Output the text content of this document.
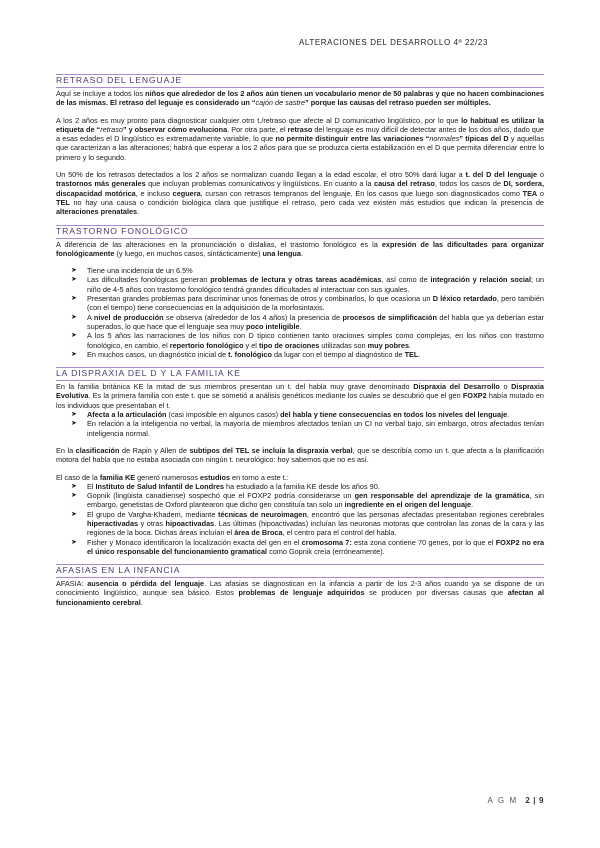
ALTERACIONES DEL DESARROLLO 4º 22/23
RETRASO DEL LENGUAJE

Aquí se incluye a todos los niños que alrededor de los 2 años aún tienen un vocabulario menor de 50 palabras y que no hacen combinaciones de las mismas. El retraso del leguaje es considerado un “cajón de sastre” porque las causas del retraso pueden ser múltiples.

A los 2 años es muy pronto para diagnosticar cualquier otro t./retraso que afecte al D comunicativo lingüístico, por lo que lo habitual es utilizar la etiqueta de “retraso” y observar cómo evoluciona. Por otra parte, el retraso del lenguaje es muy difícil de detectar antes de los dos años, dado que a esas edades el D lingüístico es extremadamente variable, lo que no permite distinguir entre las variaciones “normales” típicas del D y aquellas que caracterizan a las alteraciones; habrá que esperar a los 2 años para que se produzca cierta estabilización en el D que permita diferenciar entre lo primero y lo segundo.

Un 50% de los retrasos detectados a los 2 años se normalizan cuando llegan a la edad escolar, el otro 50% dará lugar a t. del D del lenguaje o trastornos más generales que incluyan problemas comunicativos y lingüísticos. En cuanto a la causa del retraso, todos los casos de DI, sordera, discapacidad motórica, e incluso ceguera, cursan con retrasos tempranos del lenguaje. En los casos que luego son diagnosticados como TEA o TEL no hay una causa o condición biológica clara que justifique el retraso, pero cada vez existen más estudios que indican la presencia de alteraciones prenatales.

TRASTORNO FONOLÓGICO

A diferencia de las alteraciones en la pronunciación o dislalias, el trastorno fonológico es la expresión de las dificultades para organizar fonológicamente (y luego, en muchos casos, sintácticamente) una lengua.

➤ Tiene una incidencia de un 6.5%
➤ Las dificultades fonológicas generan problemas de lectura y otras tareas académicas, así como de integración y relación social; un niño de 4-5 años con trastorno fonológico tendrá grandes dificultades al interactuar con sus iguales.
➤ Presentan grandes problemas para discriminar unos fonemas de otros y combinarlos, lo que ocasiona un D léxico retardado, pero también (con el tiempo) tiene consecuencias en la adquisición de la morfosintaxis.
➤ A nivel de producción se observa (alrededor de los 4 años) la presencia de procesos de simplificación del habla que ya deberían estar superados, lo que hace que el lenguaje sea muy poco inteligible.
➤ A los 5 años las narraciones de los niños con D típico contienen tanto oraciones simples como complejas, en los niños con trastorno fonológico, en cambio, el repertorio fonológico y el tipo de oraciones utilizadas son muy pobres.
➤ En muchos casos, un diagnóstico inicial de t. fonológico da lugar con el tiempo al diagnóstico de TEL.
LA DISPRAXIA DEL D Y LA FAMILIA KE

En la familia británica KE la mitad de sus miembros presentan un t. del habla muy grave denominado Dispraxia del Desarrollo o Dispraxia Evolutiva. Es la primera familia con este t. que se sometió a análisis genéticos mediante los cuales se descubrió que el gen FOXP2 había mutado en los individuos que presentaban el t.

➤ Afecta a la articulación (casi imposible en algunos casos) del habla y tiene consecuencias en todos los niveles del lenguaje.
➤ En relación a la inteligencia no verbal, la mayoría de miembros afectados tenían un CI no verbal bajo, sin embargo, otros afectados tenían inteligencia normal.

En la clasificación de Rapin y Allen de subtipos del TEL se incluía la dispraxia verbal, que se describía como un t. que afecta a la planificación motora del habla que no estaba asociada con ningún t. neurológico: hoy sabemos que no es así.

El caso de la familia KE generó numerosos estudios en torno a este t.:

➤ El Instituto de Salud Infantil de Londres ha estudiado a la familia KE desde los años 90.
➤ Gopnik (lingüista canadiense) sospechó que el FOXP2 podría considerarse un gen responsable del aprendizaje de la gramática, sin embargo, genetistas de Oxford plantearon que dicho gen constituía tan solo un ingrediente en el origen del lenguaje.
➤ El grupo de Vargha-Khadem, mediante técnicas de neuroimagen, encontró que las personas afectadas presentaban regiones cerebrales hiperactivadas y otras hipoactivadas. Las últimas (hipoactivadas) incluían las neuronas motoras que controlan las zonas de la cara y las regiones de la boca. Dichas áreas incluían el área de Broca, el centro para el control del habla.
➤ Fisher y Monaco identificaron la localización exacta del gen en el cromosoma 7: esta zona contiene 70 genes, por lo que el FOXP2 no era el único responsable del funcionamiento gramatical como Gopnik creía (erróneamente).
AFASIAS EN LA INFANCIA

AFASIA: ausencia o pérdida del lenguaje. Las afasias se diagnostican en la infancia a partir de los 2-3 años cuando ya se dispone de un conocimiento lingüístico, aunque sea básico. Estos problemas de lenguaje adquiridos se producen por diversas causas que afectan al funcionamiento cerebral.

A G M 2 | 9
